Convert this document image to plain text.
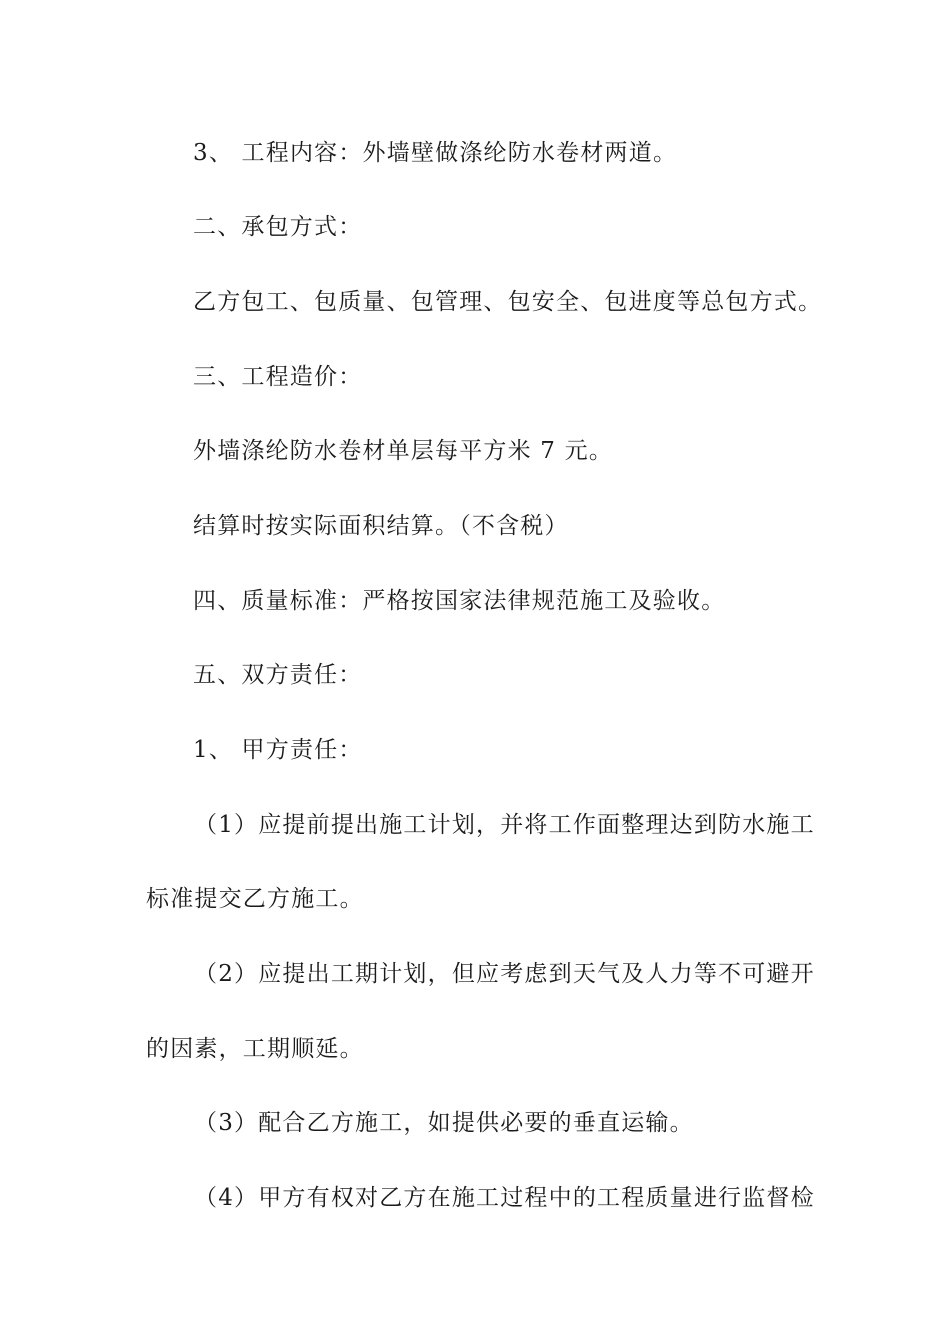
3、 工程内容：外墙壁做涤纶防水卷材两道。
二、承包方式：
乙方包工、包质量、包管理、包安全、包进度等总包方式。
三、工程造价：
外墙涤纶防水卷材单层每平方米 7 元。
结算时按实际面积结算。（不含税）
四、质量标准：严格按国家法律规范施工及验收。
五、双方责任：
1、 甲方责任：
（1）应提前提出施工计划，并将工作面整理达到防水施工
标准提交乙方施工。
（2）应提出工期计划，但应考虑到天气及人力等不可避开
的因素，工期顺延。
（3）配合乙方施工，如提供必要的垂直运输。
（4）甲方有权对乙方在施工过程中的工程质量进行监督检
